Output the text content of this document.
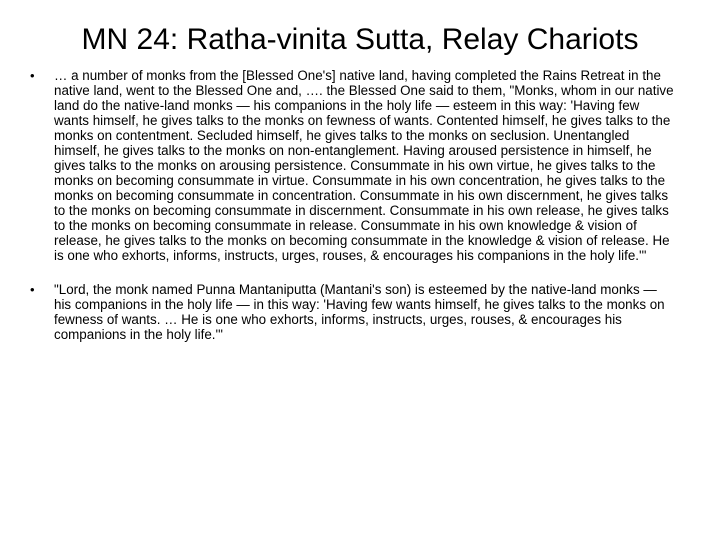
MN 24: Ratha-vinita Sutta, Relay Chariots
• … a number of monks from the [Blessed One's] native land, having completed the Rains Retreat in the native land, went to the Blessed One and, …. the Blessed One said to them, "Monks, whom in our native land do the native-land monks — his companions in the holy life — esteem in this way: 'Having few wants himself, he gives talks to the monks on fewness of wants. Contented himself, he gives talks to the monks on contentment. Secluded himself, he gives talks to the monks on seclusion. Unentangled himself, he gives talks to the monks on non-entanglement. Having aroused persistence in himself, he gives talks to the monks on arousing persistence. Consummate in his own virtue, he gives talks to the monks on becoming consummate in virtue. Consummate in his own concentration, he gives talks to the monks on becoming consummate in concentration. Consummate in his own discernment, he gives talks to the monks on becoming consummate in discernment. Consummate in his own release, he gives talks to the monks on becoming consummate in release. Consummate in his own knowledge & vision of release, he gives talks to the monks on becoming consummate in the knowledge & vision of release. He is one who exhorts, informs, instructs, urges, rouses, & encourages his companions in the holy life.'"
• "Lord, the monk named Punna Mantaniputta (Mantani's son) is esteemed by the native-land monks — his companions in the holy life — in this way: 'Having few wants himself, he gives talks to the monks on fewness of wants. … He is one who exhorts, informs, instructs, urges, rouses, & encourages his companions in the holy life.'"
